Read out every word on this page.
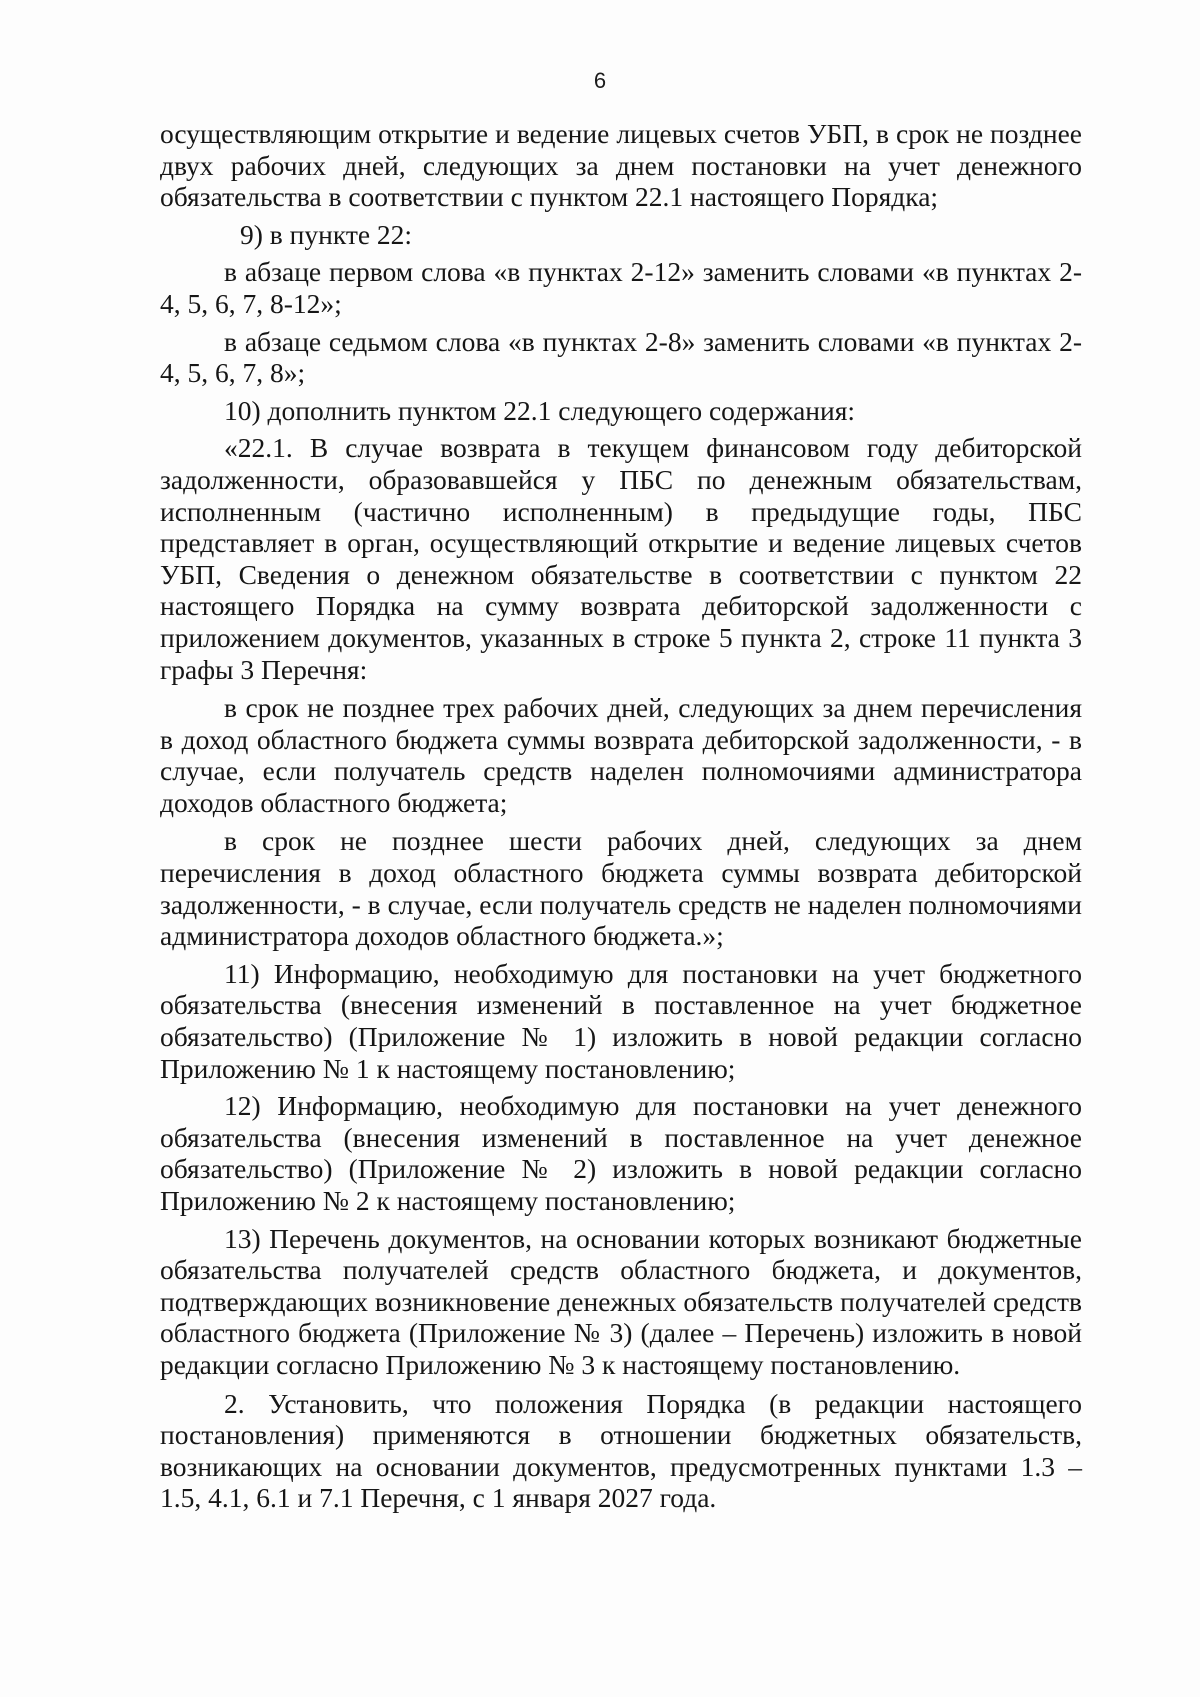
6

осуществляющим открытие и ведение лицевых счетов УБП, в срок не позднее двух рабочих дней, следующих за днем постановки на учет денежного обязательства в соответствии с пунктом 22.1 настоящего Порядка;

9) в пункте 22:

в абзаце первом слова «в пунктах 2-12» заменить словами «в пунктах 2-4, 5, 6, 7, 8-12»;

в абзаце седьмом слова «в пунктах 2-8» заменить словами «в пунктах 2-4, 5, 6, 7, 8»;

10) дополнить пунктом 22.1 следующего содержания:

«22.1. В случае возврата в текущем финансовом году дебиторской задолженности, образовавшейся у ПБС по денежным обязательствам, исполненным (частично исполненным) в предыдущие годы, ПБС представляет в орган, осуществляющий открытие и ведение лицевых счетов УБП, Сведения о денежном обязательстве в соответствии с пунктом 22 настоящего Порядка на сумму возврата дебиторской задолженности с приложением документов, указанных в строке 5 пункта 2, строке 11 пункта 3 графы 3 Перечня:

в срок не позднее трех рабочих дней, следующих за днем перечисления в доход областного бюджета суммы возврата дебиторской задолженности, - в случае, если получатель средств наделен полномочиями администратора доходов областного бюджета;

в срок не позднее шести рабочих дней, следующих за днем перечисления в доход областного бюджета суммы возврата дебиторской задолженности, - в случае, если получатель средств не наделен полномочиями администратора доходов областного бюджета.»;

11) Информацию, необходимую для постановки на учет бюджетного обязательства (внесения изменений в поставленное на учет бюджетное обязательство) (Приложение № 1) изложить в новой редакции согласно Приложению № 1 к настоящему постановлению;

12) Информацию, необходимую для постановки на учет денежного обязательства (внесения изменений в поставленное на учет денежное обязательство) (Приложение № 2) изложить в новой редакции согласно Приложению № 2 к настоящему постановлению;

13) Перечень документов, на основании которых возникают бюджетные обязательства получателей средств областного бюджета, и документов, подтверждающих возникновение денежных обязательств получателей средств областного бюджета (Приложение № 3) (далее – Перечень) изложить в новой редакции согласно Приложению № 3 к настоящему постановлению.

2. Установить, что положения Порядка (в редакции настоящего постановления) применяются в отношении бюджетных обязательств, возникающих на основании документов, предусмотренных пунктами 1.3 – 1.5, 4.1, 6.1 и 7.1 Перечня, с 1 января 2027 года.
